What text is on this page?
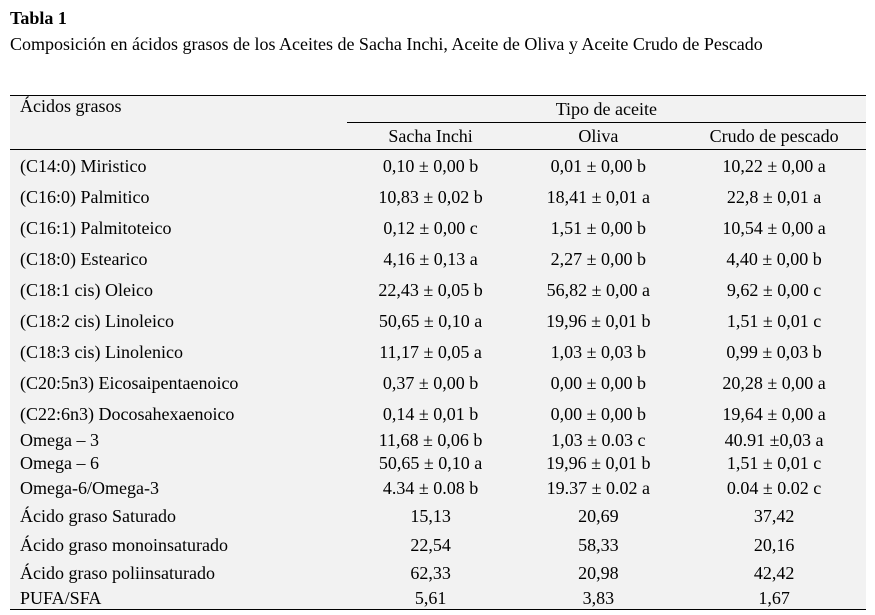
Tabla 1
Composición en ácidos grasos de los Aceites de Sacha Inchi, Aceite de Oliva y Aceite Crudo de Pescado
Ácidos grasos	Tipo de aceite		
	Sacha Inchi	Oliva	Crudo de pescado
(C14:0) Miristico	0,10 ± 0,00 b	0,01 ± 0,00 b	10,22 ± 0,00 a
(C16:0) Palmitico	10,83 ± 0,02 b	18,41 ± 0,01 a	22,8 ± 0,01 a
(C16:1) Palmitoteico	0,12 ± 0,00 c	1,51 ± 0,00 b	10,54 ± 0,00 a
(C18:0) Estearico	4,16 ± 0,13 a	2,27 ± 0,00 b	4,40 ± 0,00 b
(C18:1 cis) Oleico	22,43 ± 0,05 b	56,82 ± 0,00 a	9,62 ± 0,00 c
(C18:2 cis) Linoleico	50,65 ± 0,10 a	19,96 ± 0,01 b	1,51 ± 0,01 c
(C18:3 cis) Linolenico	11,17 ± 0,05 a	1,03 ± 0,03 b	0,99 ± 0,03 b
(C20:5n3) Eicosaipentaenoico	0,37 ± 0,00 b	0,00 ± 0,00 b	20,28 ± 0,00 a
(C22:6n3) Docosahexaenoico	0,14 ± 0,01 b	0,00 ± 0,00 b	19,64 ± 0,00 a
Omega – 3	11,68 ± 0,06 b	1,03 ± 0.03 c	40.91 ±0,03 a
Omega – 6	50,65 ± 0,10 a	19,96 ± 0,01 b	1,51 ± 0,01 c
Omega-6/Omega-3	4.34 ± 0.08 b	19.37 ± 0.02 a	0.04 ± 0.02 c
Ácido graso Saturado	15,13	20,69	37,42
Ácido graso monoinsaturado	22,54	58,33	20,16
Ácido graso poliinsaturado	62,33	20,98	42,42
PUFA/SFA	5,61	3,83	1,67
